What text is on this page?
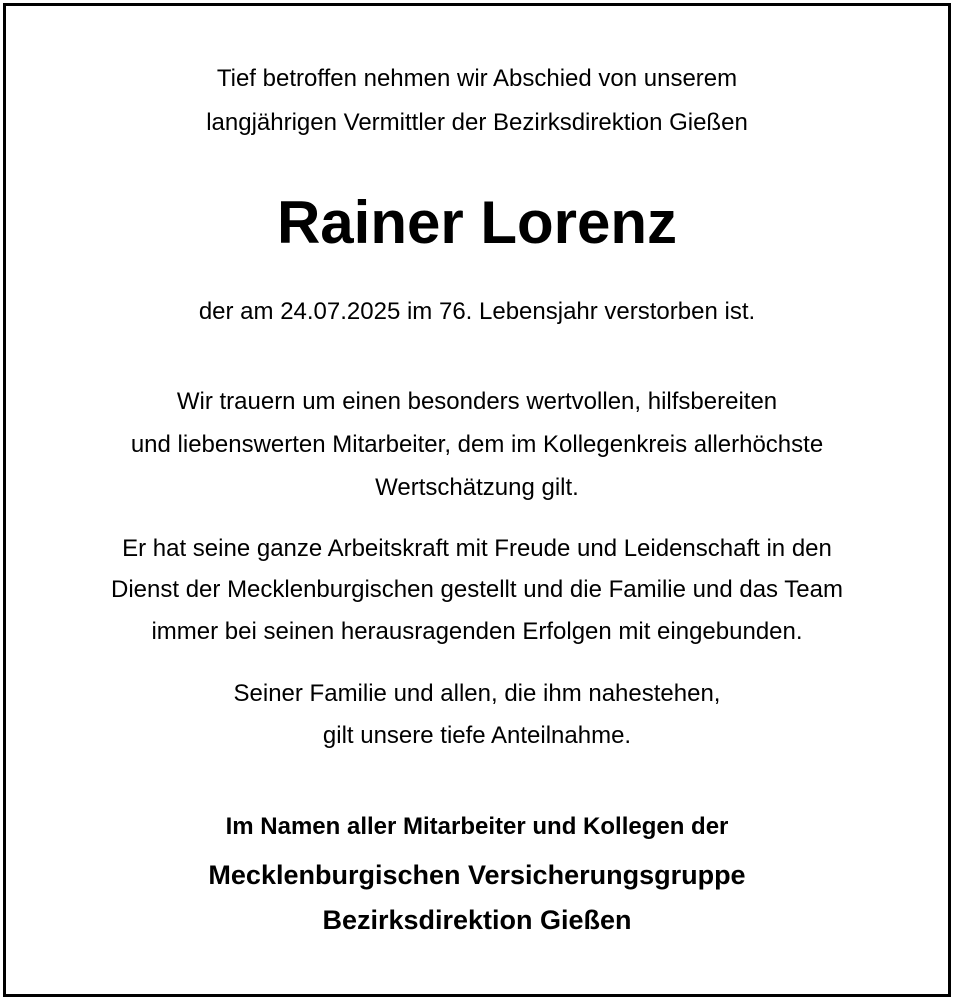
Tief betroffen nehmen wir Abschied von unserem
langjährigen Vermittler der Bezirksdirektion Gießen
Rainer Lorenz
der am 24.07.2025 im 76. Lebensjahr verstorben ist.
Wir trauern um einen besonders wertvollen, hilfsbereiten
und liebenswerten Mitarbeiter, dem im Kollegenkreis allerhöchste
Wertschätzung gilt.
Er hat seine ganze Arbeitskraft mit Freude und Leidenschaft in den
Dienst der Mecklenburgischen gestellt und die Familie und das Team
immer bei seinen herausragenden Erfolgen mit eingebunden.
Seiner Familie und allen, die ihm nahestehen,
gilt unsere tiefe Anteilnahme.
Im Namen aller Mitarbeiter und Kollegen der
Mecklenburgischen Versicherungsgruppe
Bezirksdirektion Gießen
